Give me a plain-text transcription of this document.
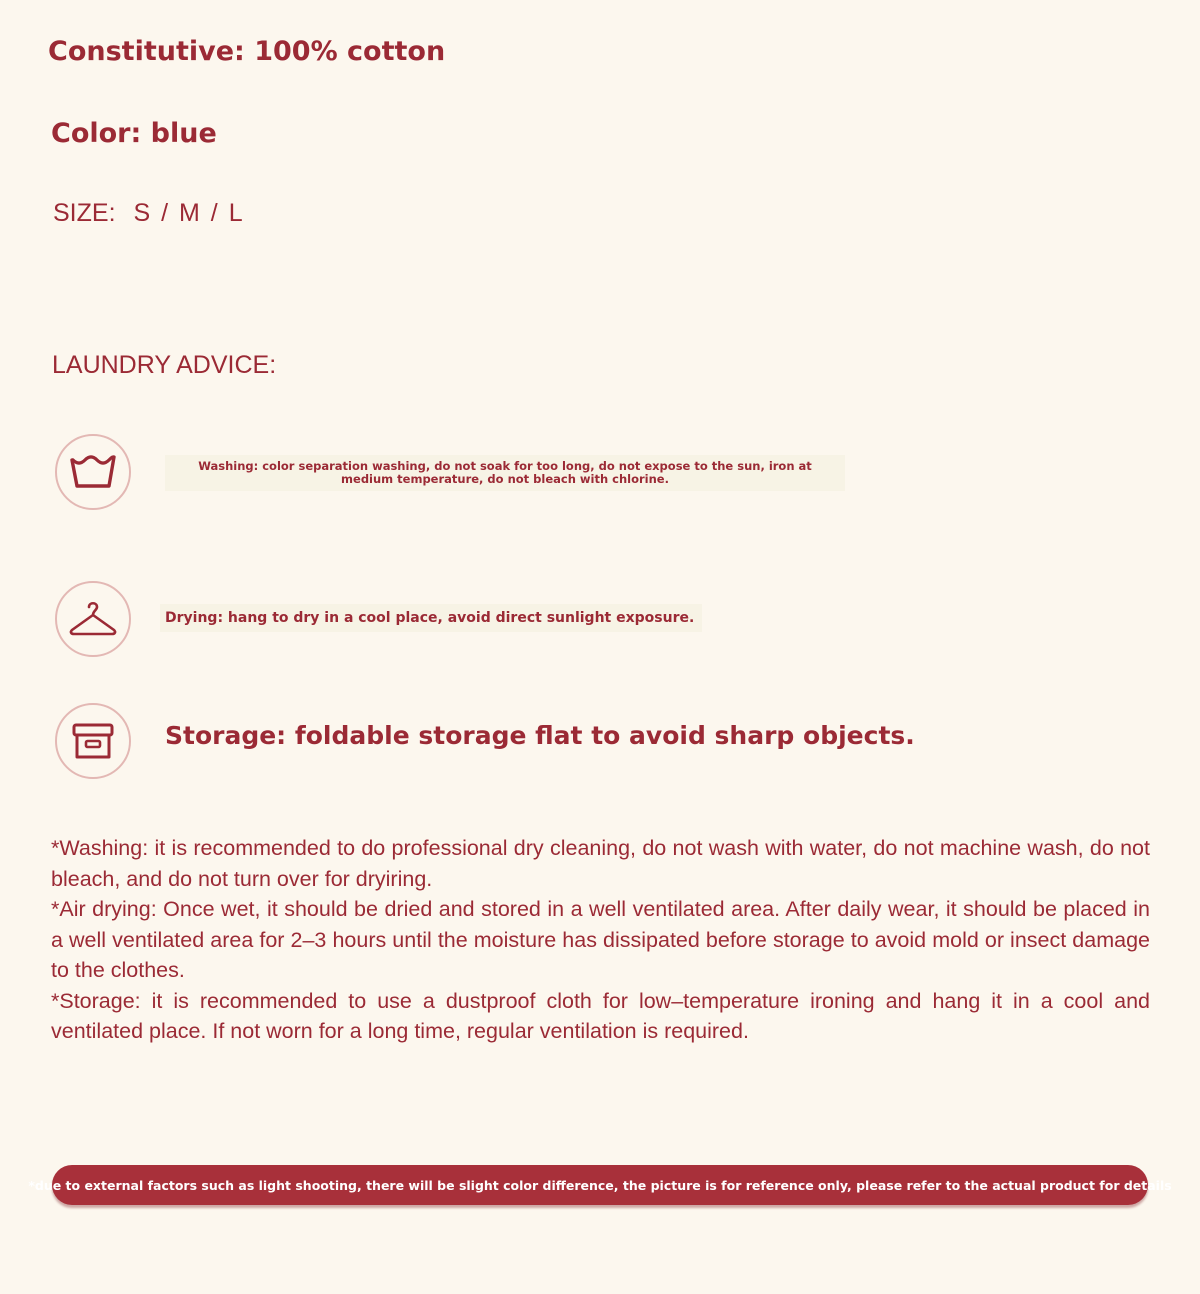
Constitutive: 100% cotton
Color: blue
SIZE: S / M / L
LAUNDRY ADVICE:
Washing: color separation washing, do not soak for too long, do not expose to the sun, iron at medium temperature, do not bleach with chlorine.
Drying: hang to dry in a cool place, avoid direct sunlight exposure.
Storage: foldable storage flat to avoid sharp objects.

*Washing: it is recommended to do professional dry cleaning, do not wash with water, do not machine wash, do not bleach, and do not turn over for dryiring.

*Air drying: Once wet, it should be dried and stored in a well ventilated area. After daily wear, it should be placed in a well ventilated area for 2–3 hours until the moisture has dissipated before storage to avoid mold or insect damage to the clothes.

*Storage: it is recommended to use a dustproof cloth for low–temperature ironing and hang it in a cool and ventilated place. If not worn for a long time, regular ventilation is required.

*due to external factors such as light shooting, there will be slight color difference, the picture is for reference only, please refer to the actual product for details
